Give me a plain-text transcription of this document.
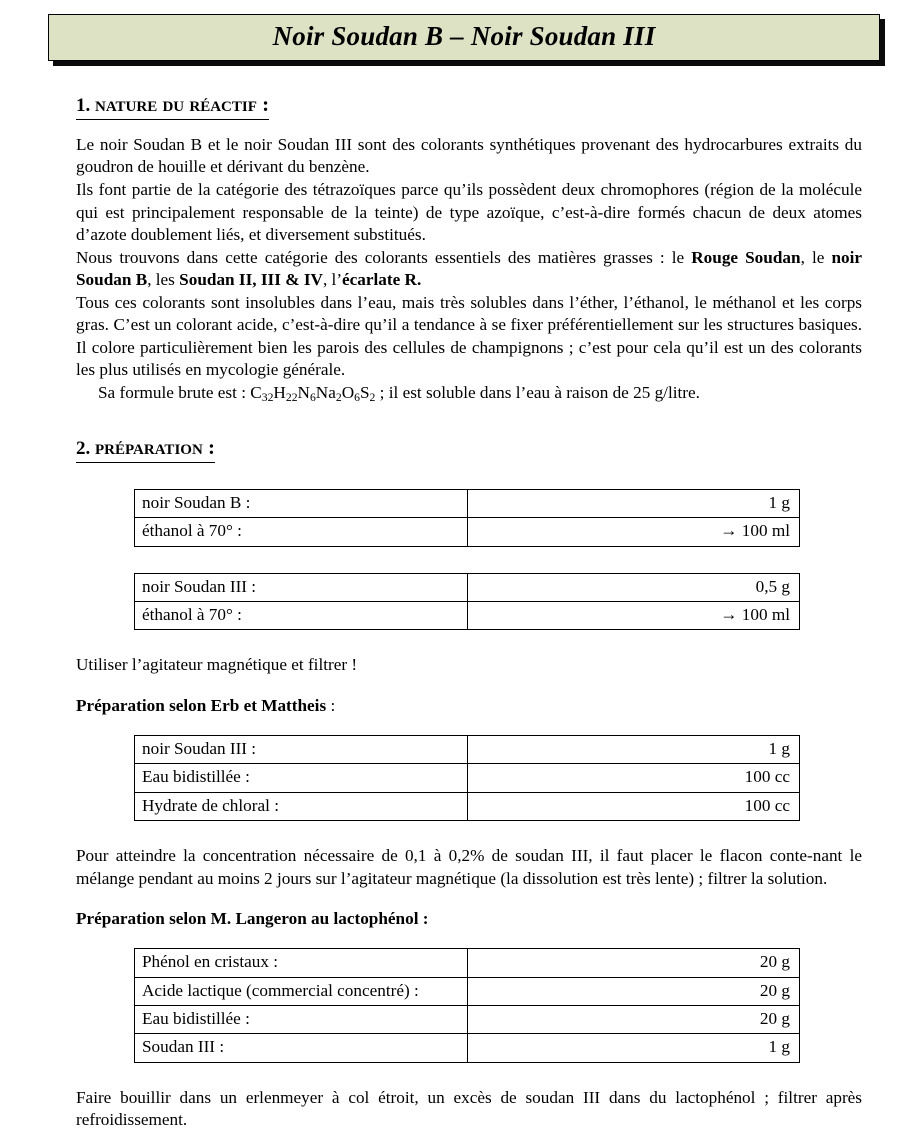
Noir Soudan B – Noir Soudan III
1. nature du réactif :

Le noir Soudan B et le noir Soudan III sont des colorants synthétiques provenant des hydrocarbures extraits du goudron de houille et dérivant du benzène.

Ils font partie de la catégorie des tétrazoïques parce qu’ils possèdent deux chromophores (région de la molécule qui est principalement responsable de la teinte) de type azoïque, c’est-à-dire formés chacun de deux atomes d’azote doublement liés, et diversement substitués.

Nous trouvons dans cette catégorie des colorants essentiels des matières grasses : le Rouge Soudan, le noir Soudan B, les Soudan II, III & IV, l’écarlate R.

Tous ces colorants sont insolubles dans l’eau, mais très solubles dans l’éther, l’éthanol, le méthanol et les corps gras. C’est un colorant acide, c’est-à-dire qu’il a tendance à se fixer préférentiellement sur les structures basiques. Il colore particulièrement bien les parois des cellules de champignons ; c’est pour cela qu’il est un des colorants les plus utilisés en mycologie générale.

Sa formule brute est : $C_{32}H_{22}N_6Na_2O_6S_2$ ; il est soluble dans l’eau à raison de 25 g/litre.

2. préparation :
noir Soudan B :	1 g
éthanol à 70° :	→ 100 ml
noir Soudan III :	0,5 g
éthanol à 70° :	→ 100 ml

Utiliser l’agitateur magnétique et filtrer !

Préparation selon Erb et Mattheis :

noir Soudan III :	1 g
Eau bidistillée :	100 cc
Hydrate de chloral :	100 cc

Pour atteindre la concentration nécessaire de 0,1 à 0,2% de soudan III, il faut placer le flacon conte-nant le mélange pendant au moins 2 jours sur l’agitateur magnétique (la dissolution est très lente) ; filtrer la solution.

Préparation selon M. Langeron au lactophénol :

Phénol en cristaux :	20 g
Acide lactique (commercial concentré) :	20 g
Eau bidistillée :	20 g
Soudan III :	1 g

Faire bouillir dans un erlenmeyer à col étroit, un excès de soudan III dans du lactophénol ; filtrer après refroidissement.
